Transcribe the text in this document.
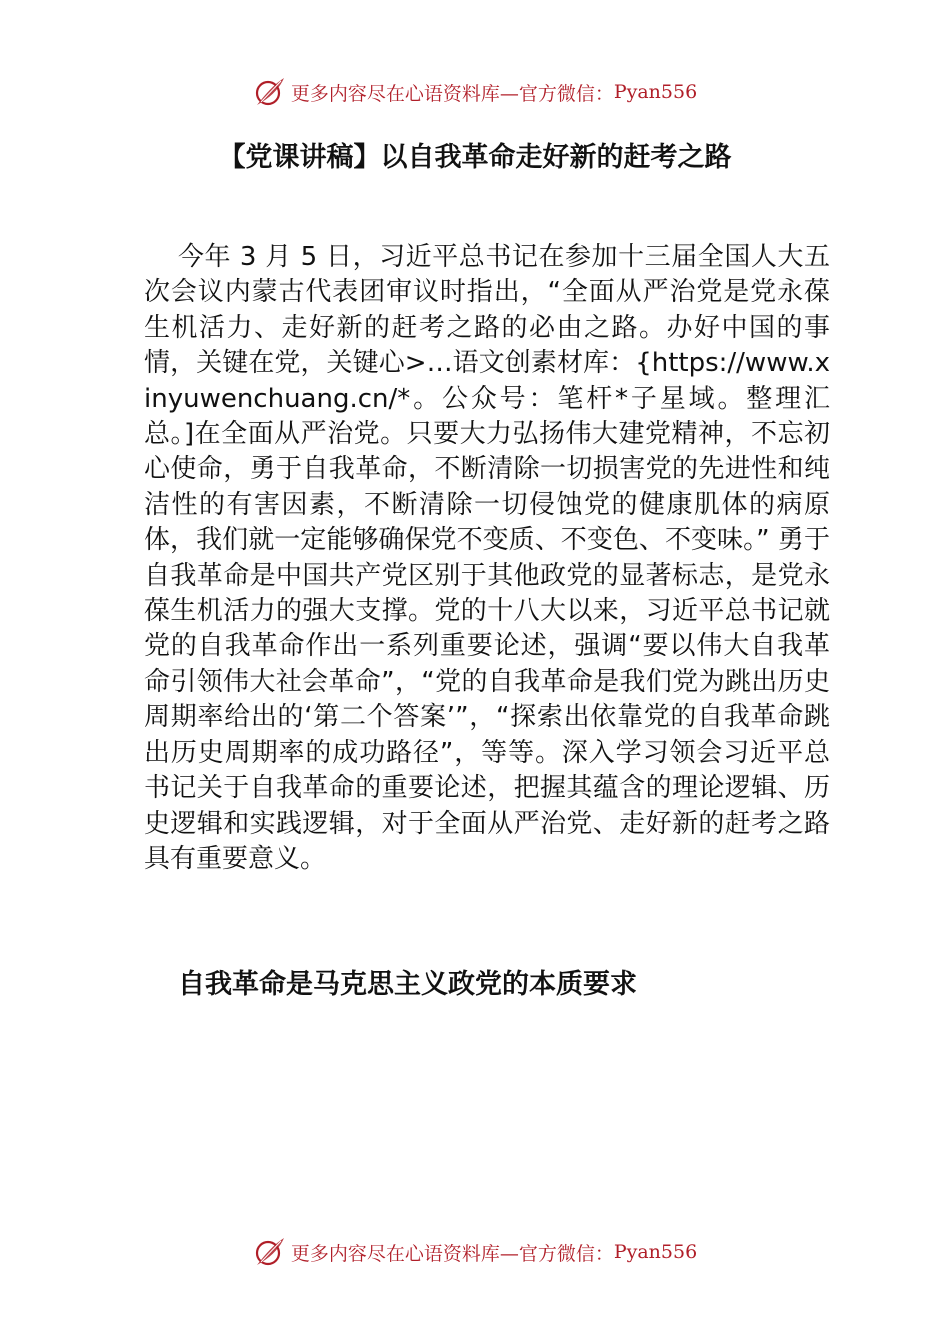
更多内容尽在心语资料库—官方微信： Pyan556
【党课讲稿】以自我革命走好新的赶考之路

今年 3 月 5 日，习近平总书记在参加十三届全国人大五次会议内蒙古代表团审议时指出，“全面从严治党是党永葆生机活力、走好新的赶考之路的必由之路。办好中国的事情，关键在党，关键心>…语文创素材库：{https://www.xinyuwenchuang.cn/*。公众号：笔杆*子星域。整理汇总。]在全面从严治党。只要大力弘扬伟大建党精神，不忘初心使命，勇于自我革命，不断清除一切损害党的先进性和纯洁性的有害因素，不断清除一切侵蚀党的健康肌体的病原体，我们就一定能够确保党不变质、不变色、不变味。” 勇于自我革命是中国共产党区别于其他政党的显著标志，是党永葆生机活力的强大支撑。党的十八大以来，习近平总书记就党的自我革命作出一系列重要论述，强调“要以伟大自我革命引领伟大社会革命”，“党的自我革命是我们党为跳出历史周期率给出的‘第二个答案’”，“探索出依靠党的自我革命跳出历史周期率的成功路径”，等等。深入学习领会习近平总书记关于自我革命的重要论述，把握其蕴含的理论逻辑、历史逻辑和实践逻辑，对于全面从严治党、走好新的赶考之路具有重要意义。

自我革命是马克思主义政党的本质要求

更多内容尽在心语资料库—官方微信： Pyan556
